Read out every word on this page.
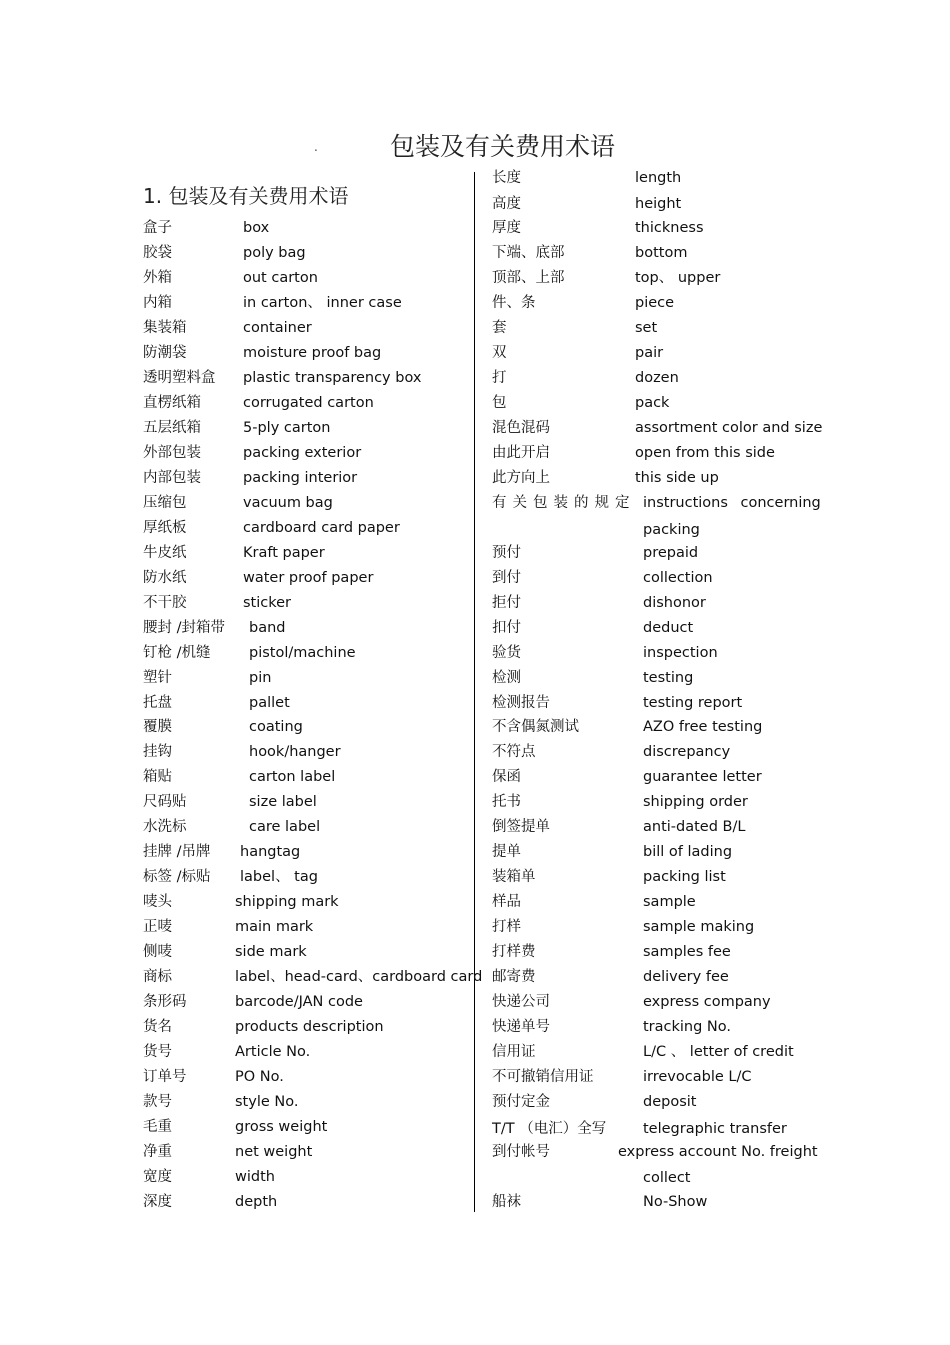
.	包装及有关费用术语
1. 包装及有关费用术语
盒子	box
胶袋	poly bag
外箱	out carton
内箱	in carton、 inner case
集装箱	container
防潮袋	moisture proof bag
透明塑料盒 plastic transparency box
直楞纸箱	corrugated carton
五层纸箱	5-ply carton
外部包装	packing exterior
内部包装	packing interior
压缩包	vacuum bag
厚纸板	cardboard card paper
牛皮纸	Kraft paper
防水纸	water proof paper
不干胶	sticker
腰封 /封箱带 band
钉枪 /机缝	pistol/machine
塑针	pin
托盘	pallet
覆膜	coating
挂钩	hook/hanger
箱贴	carton label
尺码贴	size label
水洗标	care label
挂牌 /吊牌 hangtag
标签 /标贴 label、 tag
唛头	shipping mark
正唛	main mark
侧唛	side mark
商标	label、head-card、cardboard card
条形码	barcode/JAN code
货名	products description
货号	Article No.
订单号	PO No.
款号	style No.
毛重	gross weight
净重	net weight
宽度	width
深度	depth
长度	length
高度	height
厚度	thickness
下端、底部	bottom
顶部、上部	top、 upper
件、条	piece
套	set
双	pair
打	dozen
包	pack
混色混码	assortment color and size
由此开启	open from this side
此方向上	this side up
有关包装的规定 instructions concerning
packing
预付	prepaid
到付	collection
拒付	dishonor
扣付	deduct
验货	inspection
检测	testing
检测报告	testing report
不含偶氮测试	AZO free testing
不符点	discrepancy
保函	guarantee letter
托书	shipping order
倒签提单	anti-dated B/L
提单	bill of lading
装箱单	packing list
样品	sample
打样	sample making
打样费	samples fee
邮寄费	delivery fee
快递公司	express company
快递单号	tracking No.
信用证	L/C 、 letter of credit
不可撤销信用证	irrevocable L/C
预付定金	deposit
T/T （电汇）全写	telegraphic transfer
到付帐号	express account No. freight
collect
船袜	No-Show
